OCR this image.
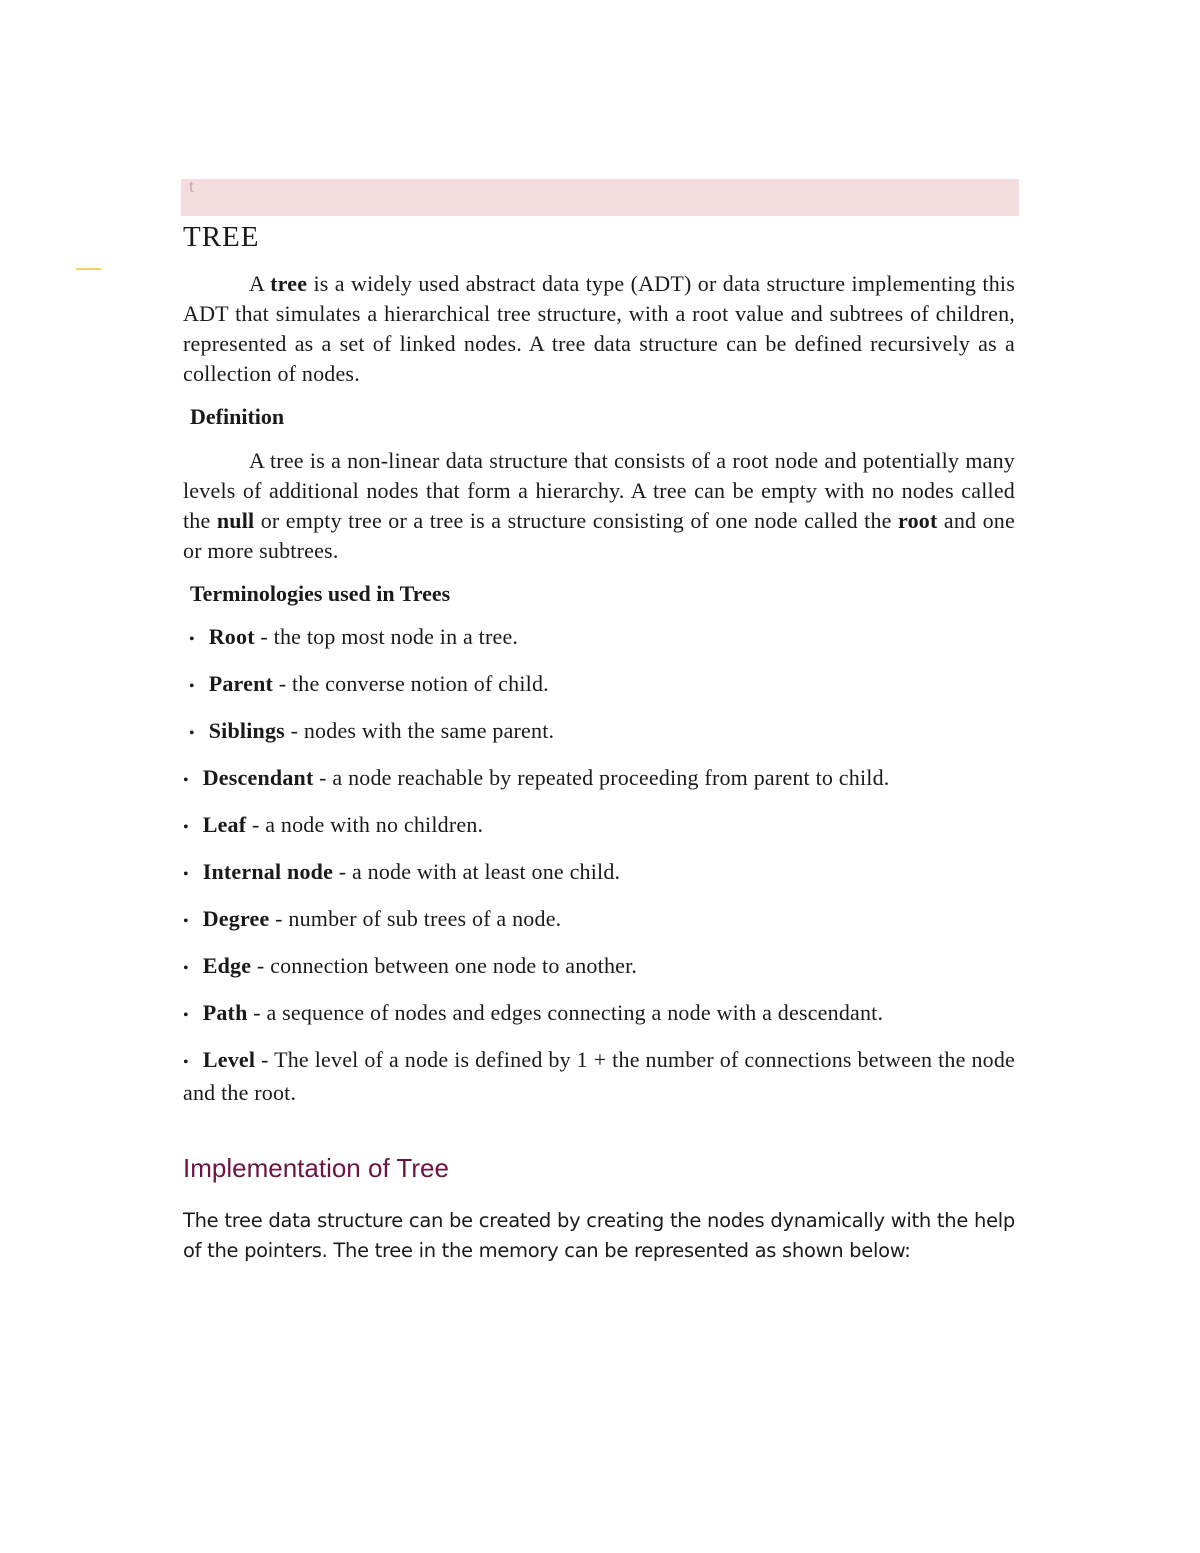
t
TREE

A tree is a widely used abstract data type (ADT) or data structure implementing this ADT that simulates a hierarchical tree structure, with a root value and subtrees of children, represented as a set of linked nodes. A tree data structure can be defined recursively as a collection of nodes.

Definition

A tree is a non-linear data structure that consists of a root node and potentially many levels of additional nodes that form a hierarchy. A tree can be empty with no nodes called the null or empty tree or a tree is a structure consisting of one node called the root and one or more subtrees.

Terminologies used in Trees

• Root - the top most node in a tree.
• Parent - the converse notion of child.
• Siblings - nodes with the same parent.
• Descendant - a node reachable by repeated proceeding from parent to child.
• Leaf - a node with no children.
• Internal node - a node with at least one child.
• Degree - number of sub trees of a node.
• Edge - connection between one node to another.
• Path - a sequence of nodes and edges connecting a node with a descendant.
• Level - The level of a node is defined by 1 + the number of connections between the node and the root.
Implementation of Tree

The tree data structure can be created by creating the nodes dynamically with the help of the pointers. The tree in the memory can be represented as shown below:
